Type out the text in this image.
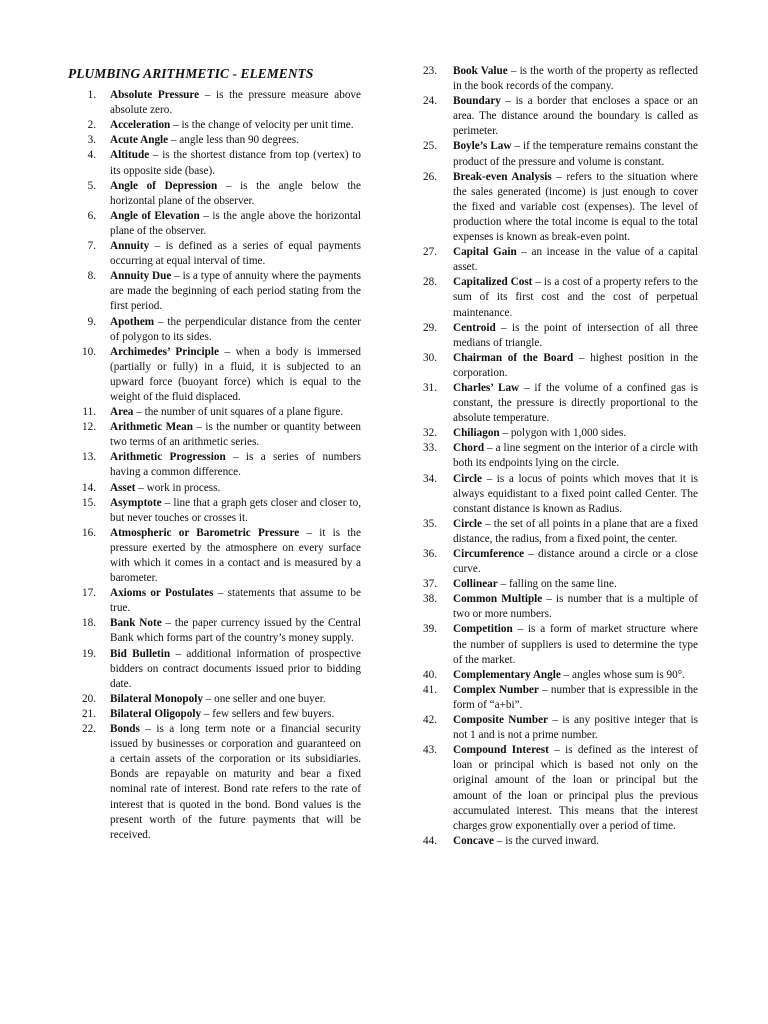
PLUMBING ARITHMETIC - ELEMENTS
1.	Absolute Pressure – is the pressure measure above absolute zero.
2.	Acceleration – is the change of velocity per unit time.
3.	Acute Angle – angle less than 90 degrees.
4.	Altitude – is the shortest distance from top (vertex) to its opposite side (base).
5.	Angle of Depression – is the angle below the horizontal plane of the observer.
6.	Angle of Elevation – is the angle above the horizontal plane of the observer.
7.	Annuity – is defined as a series of equal payments occurring at equal interval of time.
8.	Annuity Due – is a type of annuity where the payments are made the beginning of each period stating from the first period.
9.	Apothem – the perpendicular distance from the center of polygon to its sides.
10.	Archimedes’ Principle – when a body is immersed (partially or fully) in a fluid, it is subjected to an upward force (buoyant force) which is equal to the weight of the fluid displaced.
11.	Area – the number of unit squares of a plane figure.
12.	Arithmetic Mean – is the number or quantity between two terms of an arithmetic series.
13.	Arithmetic Progression – is a series of numbers having a common difference.
14.	Asset – work in process.
15.	Asymptote – line that a graph gets closer and closer to, but never touches or crosses it.
16.	Atmospheric or Barometric Pressure – it is the pressure exerted by the atmosphere on every surface with which it comes in a contact and is measured by a barometer.
17.	Axioms or Postulates – statements that assume to be true.
18.	Bank Note – the paper currency issued by the Central Bank which forms part of the country’s money supply.
19.	Bid Bulletin – additional information of prospective bidders on contract documents issued prior to bidding date.
20.	Bilateral Monopoly – one seller and one buyer.
21.	Bilateral Oligopoly – few sellers and few buyers.
22.	Bonds – is a long term note or a financial security issued by businesses or corporation and guaranteed on a certain assets of the corporation or its subsidiaries. Bonds are repayable on maturity and bear a fixed nominal rate of interest. Bond rate refers to the rate of interest that is quoted in the bond. Bond values is the present worth of the future payments that will be received.
23.	Book Value – is the worth of the property as reflected in the book records of the company.
24.	Boundary – is a border that encloses a space or an area. The distance around the boundary is called as perimeter.
25.	Boyle’s Law – if the temperature remains constant the product of the pressure and volume is constant.
26.	Break-even Analysis – refers to the situation where the sales generated (income) is just enough to cover the fixed and variable cost (expenses). The level of production where the total income is equal to the total expenses is known as break-even point.
27.	Capital Gain – an incease in the value of a capital asset.
28.	Capitalized Cost – is a cost of a property refers to the sum of its first cost and the cost of perpetual maintenance.
29.	Centroid – is the point of intersection of all three medians of triangle.
30.	Chairman of the Board – highest position in the corporation.
31.	Charles’ Law – if the volume of a confined gas is constant, the pressure is directly proportional to the absolute temperature.
32.	Chiliagon – polygon with 1,000 sides.
33.	Chord – a line segment on the interior of a circle with both its endpoints lying on the circle.
34.	Circle – is a locus of points which moves that it is always equidistant to a fixed point called Center. The constant distance is known as Radius.
35.	Circle – the set of all points in a plane that are a fixed distance, the radius, from a fixed point, the center.
36.	Circumference – distance around a circle or a close curve.
37.	Collinear – falling on the same line.
38.	Common Multiple – is number that is a multiple of two or more numbers.
39.	Competition – is a form of market structure where the number of suppliers is used to determine the type of the market.
40.	Complementary Angle – angles whose sum is 90°.
41.	Complex Number – number that is expressible in the form of “a+bi”.
42.	Composite Number – is any positive integer that is not 1 and is not a prime number.
43.	Compound Interest – is defined as the interest of loan or principal which is based not only on the original amount of the loan or principal but the amount of the loan or principal plus the previous accumulated interest. This means that the interest charges grow exponentially over a period of time.
44.	Concave – is the curved inward.
